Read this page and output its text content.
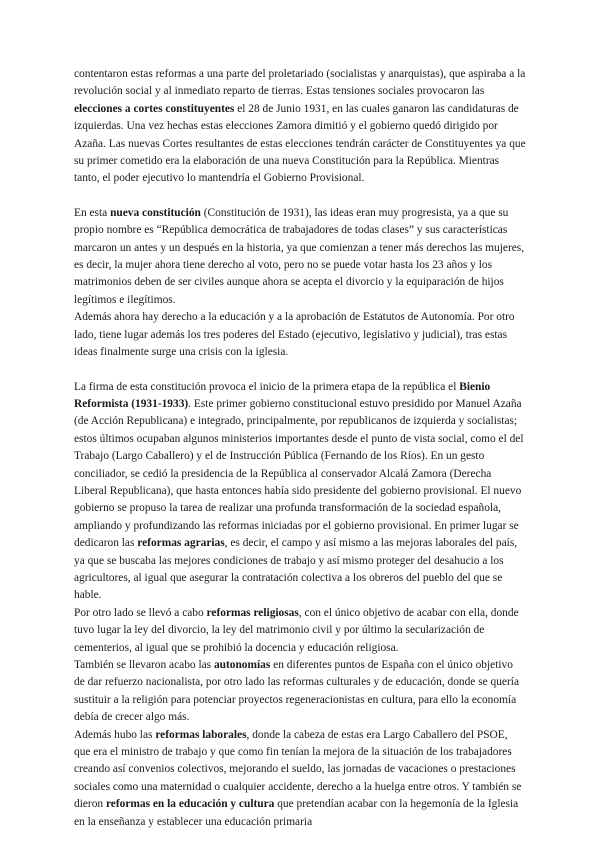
contentaron estas reformas a una parte del proletariado (socialistas y anarquistas), que aspiraba a la revolución social y al inmediato reparto de tierras. Estas tensiones sociales provocaron las elecciones a cortes constituyentes el 28 de Junio 1931, en las cuales ganaron las candidaturas de izquierdas. Una vez hechas estas elecciones Zamora dimitió y el gobierno quedó dirigido por Azaña. Las nuevas Cortes resultantes de estas elecciones tendrán carácter de Constituyentes ya que su primer cometido era la elaboración de una nueva Constitución para la República. Mientras tanto, el poder ejecutivo lo mantendría el Gobierno Provisional.

En esta nueva constitución (Constitución de 1931), las ideas eran muy progresista, ya a que su propio nombre es “República democrática de trabajadores de todas clases” y sus características marcaron un antes y un después en la historia, ya que comienzan a tener más derechos las mujeres, es decir, la mujer ahora tiene derecho al voto, pero no se puede votar hasta los 23 años y los matrimonios deben de ser civiles aunque ahora se acepta el divorcio y la equiparación de hijos legítimos e ilegítimos.

Además ahora hay derecho a la educación y a la aprobación de Estatutos de Autonomía. Por otro lado, tiene lugar además los tres poderes del Estado (ejecutivo, legislativo y judicial), tras estas ideas finalmente surge una crisis con la iglesia.

La firma de esta constitución provoca el inicio de la primera etapa de la república el Bienio Reformista (1931-1933). Este primer gobierno constitucional estuvo presidido por Manuel Azaña (de Acción Republicana) e integrado, principalmente, por republicanos de izquierda y socialistas; estos últimos ocupaban algunos ministerios importantes desde el punto de vista social, como el del Trabajo (Largo Caballero) y el de Instrucción Pública (Fernando de los Ríos). En un gesto conciliador, se cedió la presidencia de la República al conservador Alcalá Zamora (Derecha Liberal Republicana), que hasta entonces había sido presidente del gobierno provisional. El nuevo gobierno se propuso la tarea de realizar una profunda transformación de la sociedad española, ampliando y profundizando las reformas iniciadas por el gobierno provisional. En primer lugar se dedicaron las reformas agrarias, es decir, el campo y así mismo a las mejoras laborales del país, ya que se buscaba las mejores condiciones de trabajo y así mismo proteger del desahucio a los agricultores, al igual que asegurar la contratación colectiva a los obreros del pueblo del que se hable.

Por otro lado se llevó a cabo reformas religiosas, con el único objetivo de acabar con ella, donde tuvo lugar la ley del divorcio, la ley del matrimonio civil y por último la secularización de cementerios, al igual que se prohibió la docencia y educación religiosa.

También se llevaron acabo las autonomías en diferentes puntos de España con el único objetivo de dar refuerzo nacionalista, por otro lado las reformas culturales y de educación, donde se quería sustituir a la religión para potenciar proyectos regeneracionistas en cultura, para ello la economía debía de crecer algo más.

Además hubo las reformas laborales, donde la cabeza de estas era Largo Caballero del PSOE, que era el ministro de trabajo y que como fin tenían la mejora de la situación de los trabajadores creando así convenios colectivos, mejorando el sueldo, las jornadas de vacaciones o prestaciones sociales como una maternidad o cualquier accidente, derecho a la huelga entre otros. Y también se dieron reformas en la educación y cultura que pretendían acabar con la hegemonía de la Iglesia en la enseñanza y establecer una educación primaria
